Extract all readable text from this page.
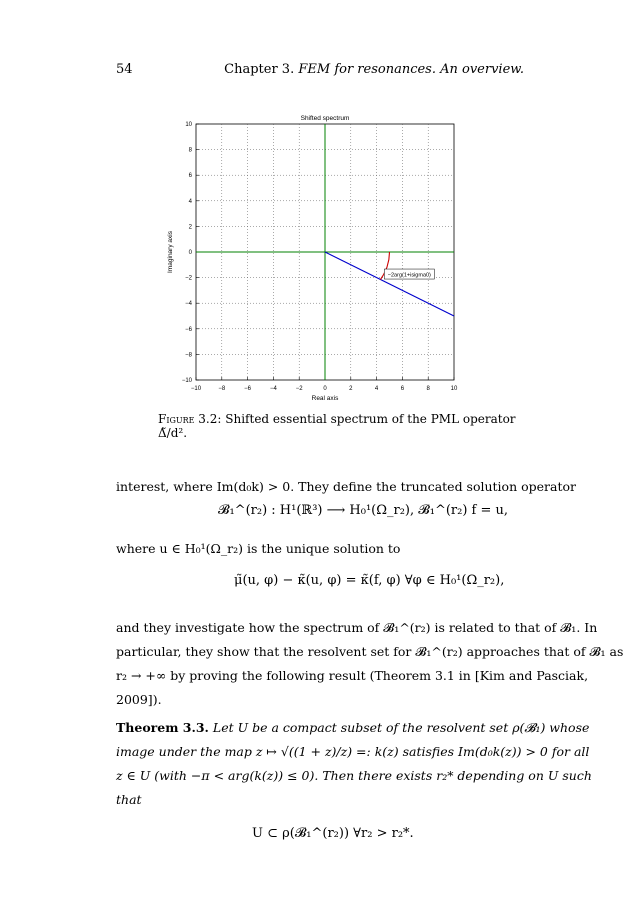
54	Chapter 3. FEM for resonances. An overview.
−10	−8	−6	−4	−2	0	2	4	6	8	10
−10
−8
−6
−4
−2
0
2
4
6
8
10
−2arg(1+isigma0)
Shifted spectrum
Real axis
Imaginary axis
Figure 3.2: Shifted essential spectrum of the PML operator Δ̃/d².
interest, where Im(d₀k) > 0. They define the truncated solution operator
𝓑₁^(r₂) : H¹(ℝ³) ⟶ H₀¹(Ω_r₂), 𝓑₁^(r₂) f = u,
where u ∈ H₀¹(Ω_r₂) is the unique solution to
μ̃(u, φ) − κ̃(u, φ) = κ̃(f, φ) ∀φ ∈ H₀¹(Ω_r₂),
and they investigate how the spectrum of 𝓑₁^(r₂) is related to that of 𝓑₁. In
particular, they show that the resolvent set for 𝓑₁^(r₂) approaches that of 𝓑₁ as
r₂ → +∞ by proving the following result (Theorem 3.1 in [Kim and Pasciak,
2009]).
Theorem 3.3. Let U be a compact subset of the resolvent set ρ(𝓑₁) whose
image under the map z ↦ √((1 + z)/z) =: k(z) satisfies Im(d₀k(z)) > 0 for all
z ∈ U (with −π < arg(k(z)) ≤ 0). Then there exists r₂* depending on U such
that
U ⊂ ρ(𝓑₁^(r₂)) ∀r₂ > r₂*.
